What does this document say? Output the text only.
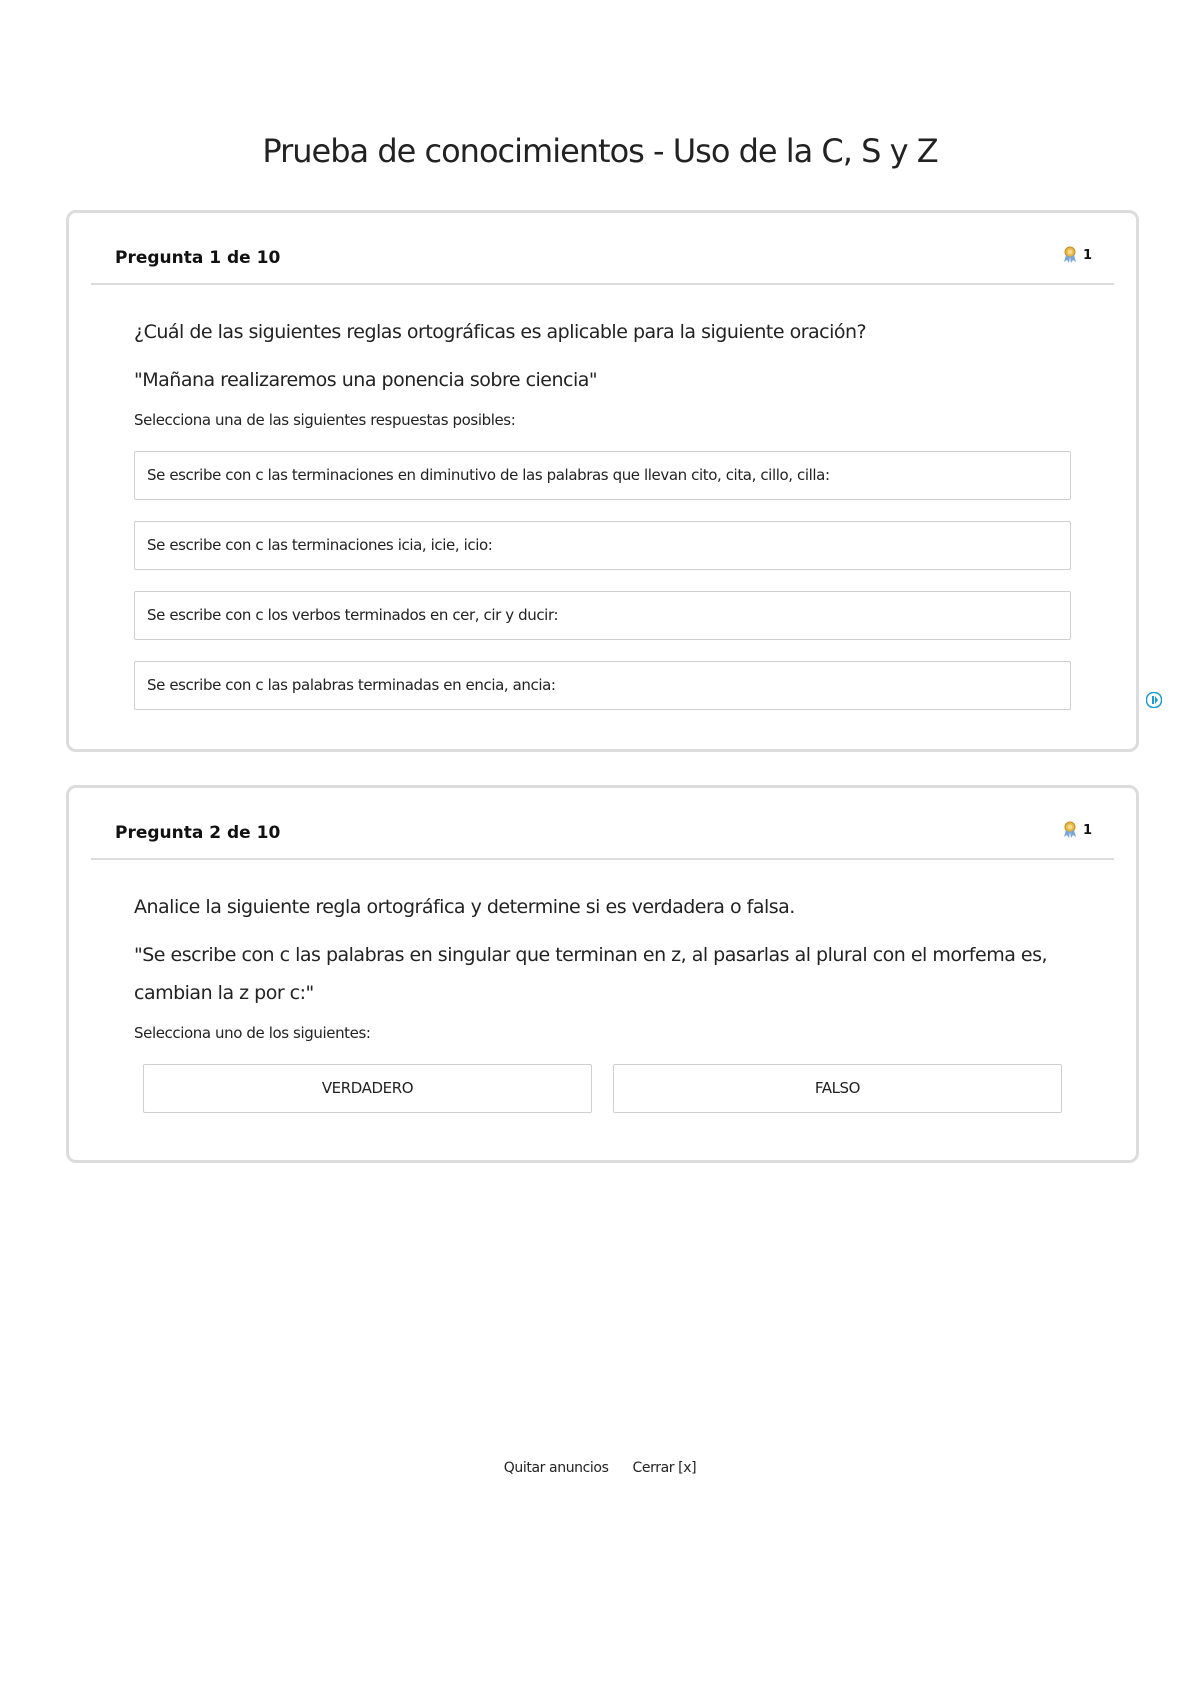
Prueba de conocimientos - Uso de la C, S y Z
Pregunta 1 de 10	1

¿Cuál de las siguientes reglas ortográficas es aplicable para la siguiente oración?

"Mañana realizaremos una ponencia sobre ciencia"

Selecciona una de las siguientes respuestas posibles:

Se escribe con c las terminaciones en diminutivo de las palabras que llevan cito, cita, cillo, cilla:
Se escribe con c las terminaciones icia, icie, icio:
Se escribe con c los verbos terminados en cer, cir y ducir:
Se escribe con c las palabras terminadas en encia, ancia:
Pregunta 2 de 10	1

Analice la siguiente regla ortográfica y determine si es verdadera o falsa.

"Se escribe con c las palabras en singular que terminan en z, al pasarlas al plural con el morfema es, cambian la z por c:"

Selecciona uno de los siguientes:

VERDADERO	FALSO
Quitar anuncios Cerrar [x]
